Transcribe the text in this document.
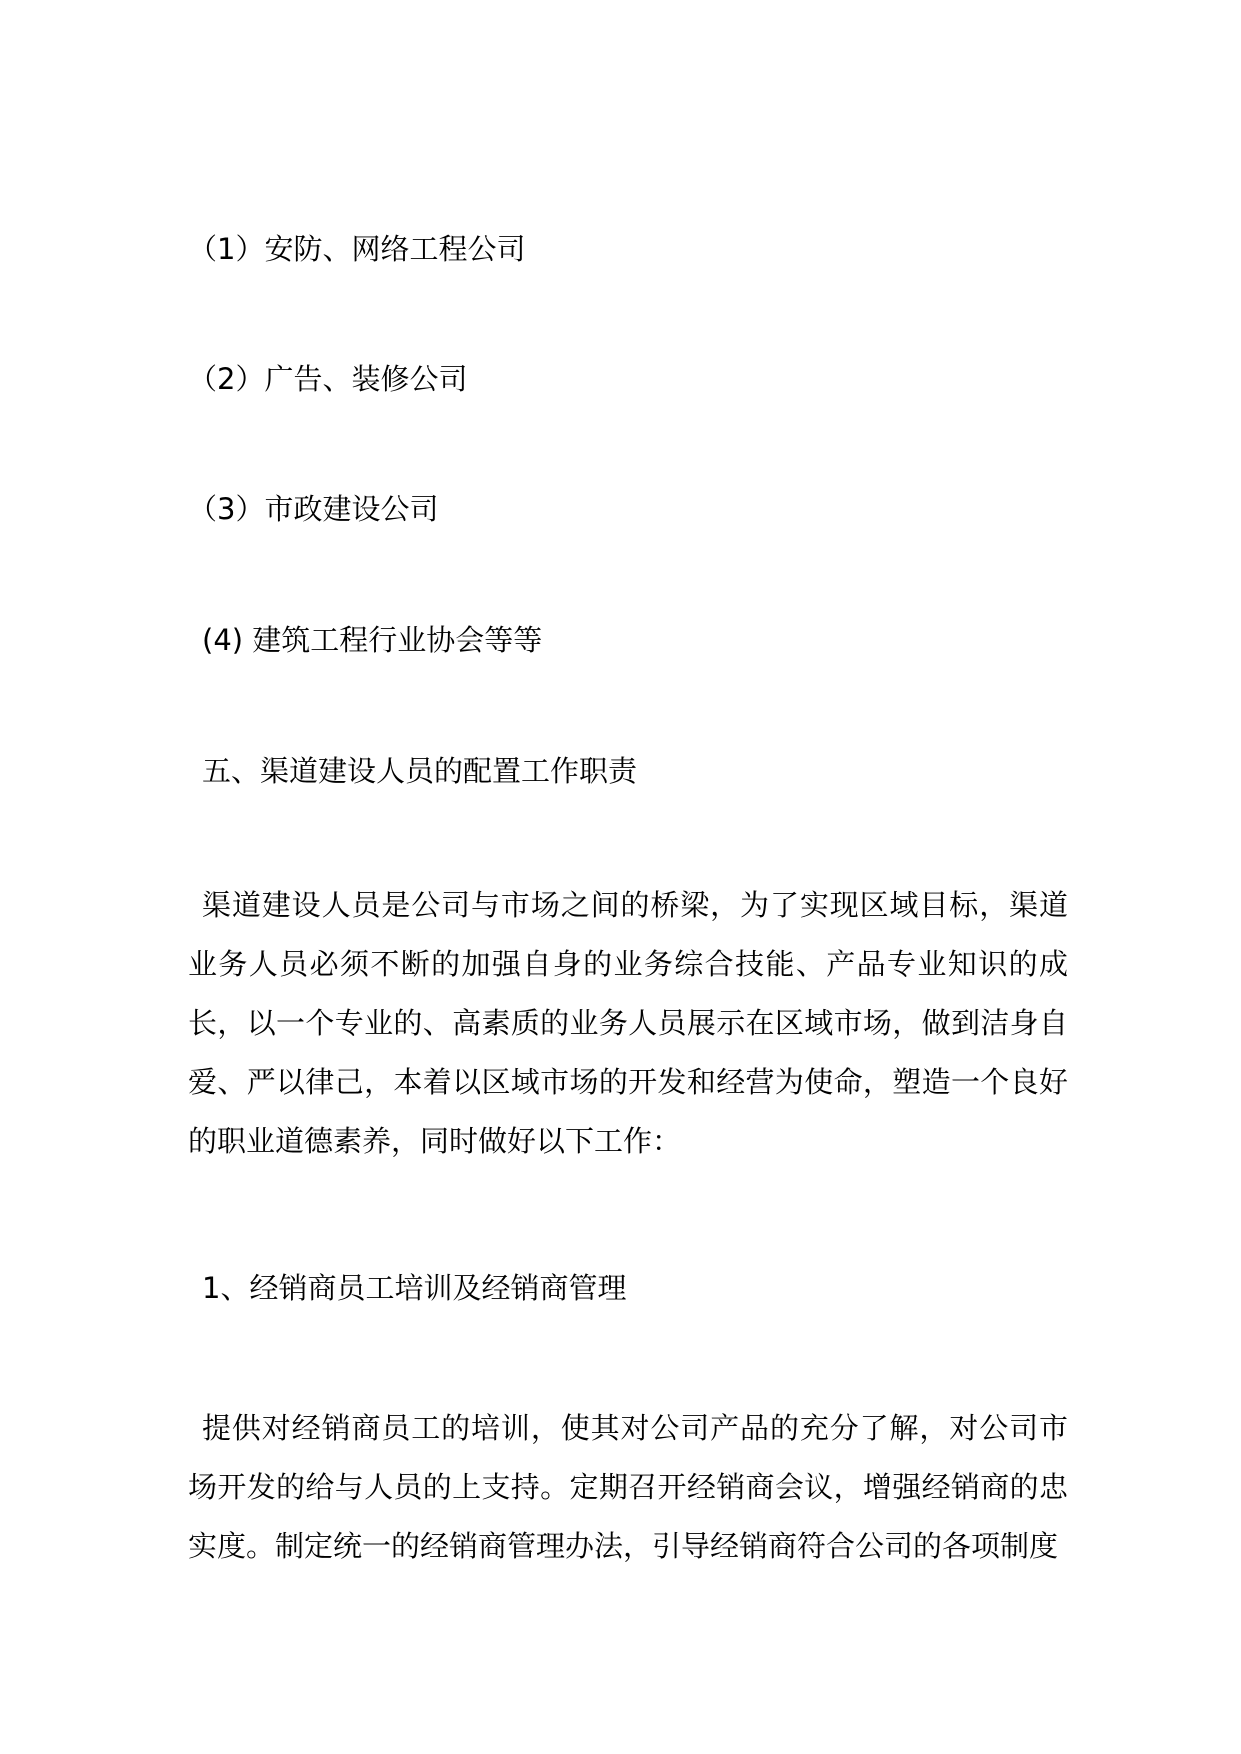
（1）安防、网络工程公司
（2）广告、装修公司
（3）市政建设公司
(4) 建筑工程行业协会等等
五、渠道建设人员的配置工作职责
渠道建设人员是公司与市场之间的桥梁，为了实现区域目标，渠道业务人员必须不断的加强自身的业务综合技能、产品专业知识的成长，以一个专业的、高素质的业务人员展示在区域市场，做到洁身自爱、严以律己，本着以区域市场的开发和经营为使命，塑造一个良好的职业道德素养，同时做好以下工作：
1、经销商员工培训及经销商管理
提供对经销商员工的培训，使其对公司产品的充分了解，对公司市场开发的给与人员的上支持。定期召开经销商会议，增强经销商的忠实度。制定统一的经销商管理办法，引导经销商符合公司的各项制度
